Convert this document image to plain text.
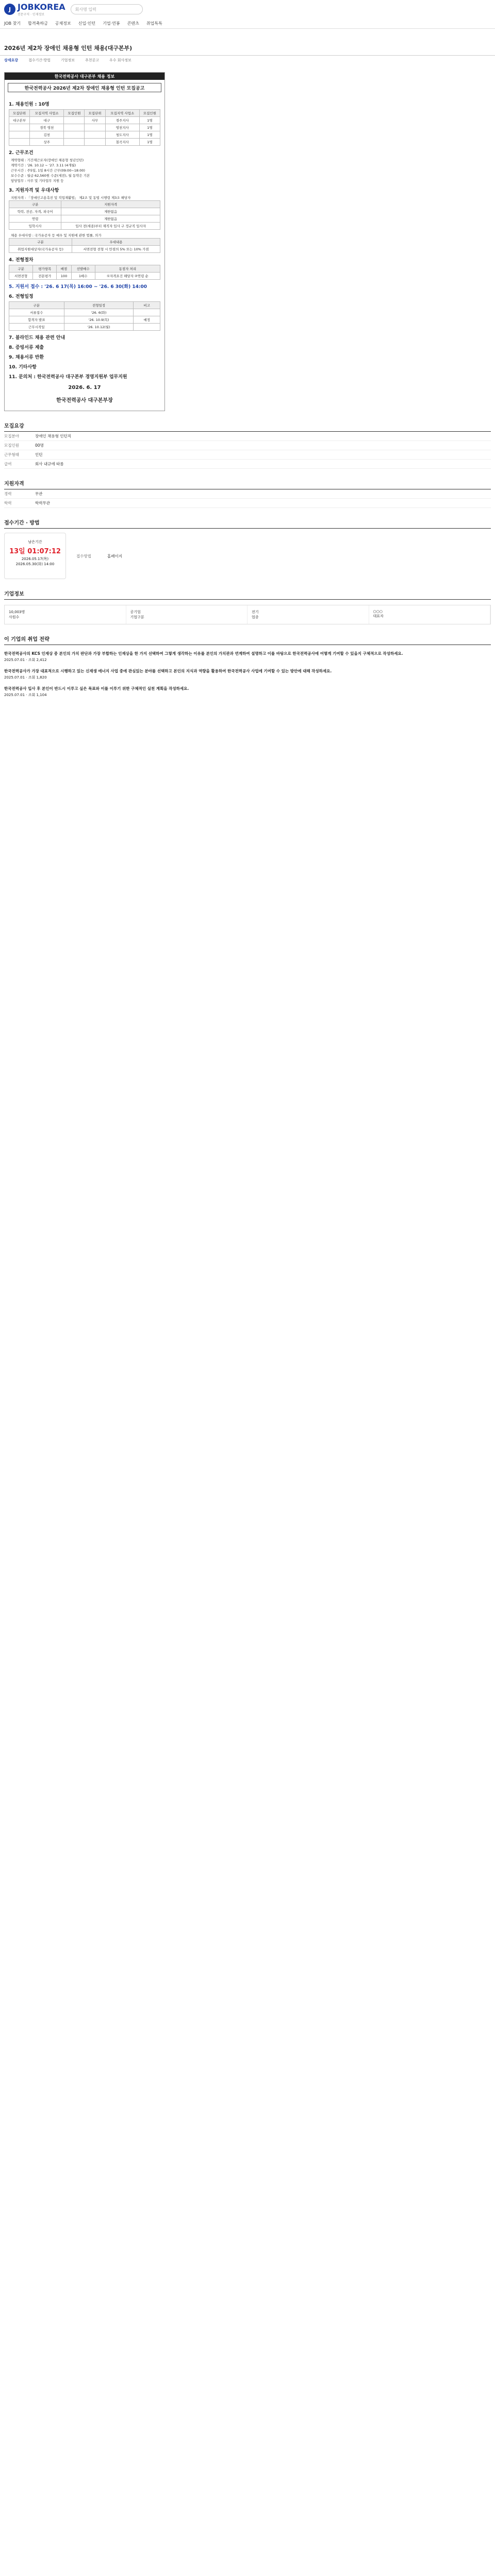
J JOBKOREA
전문구직 · 인재정보
회사명 입력
JOB 찾기 합격축하금 공채정보 신입·인턴 기업·연봉 콘텐츠 취업특특
2026년 제2차 장애인 채용형 인턴 채용(대구본부)
상세요강	접수기간·방법	기업정보	추천공고	우수 회사정보
한국전력공사 대구본부 채용 정보
한국전력공사 2026년 제2차 장애인 채용형 인턴 모집공고
1. 채용인원 : 10명
모집단위	모집지역 사업소	모집인원	모집단위	모집지역 사업소	모집인원
대구본부	대구		사무	경주지사	1명
	경북 영천			영천지사	1명
	김천			청도지사	1명
	상주			칠곡지사	1명
2. 근무조건
계약형태 : 기간제근로자(장애인 채용형 청년인턴)
계약기간 : '26. 10.12 ~ '27. 3.11 (4개월)
근무시간 : 주5일, 1일 8시간 근무(09:00~18:00)
보수수준 : 월급 62,560원 수준(세전), 월 동약은 기본
담당업무 : 사무 및 기타업무 지원 등
3. 지원자격 및 우대사항
지원자격 : 「장애인고용촉진 및 직업재활법」 제2조 및 동법 시행령 제3조 해당자
구분	지원자격
학력, 전공, 자격, 외국어	제한없음
연령	제한없음
입학시사	입사 전(세종)부터 재직자 입사 구 정규직 입사자
채용 우대사항 : 국가유공자 등 예우 및 지원에 관한 법률, 의가
구분	우대내용
취업지원대상자(국가유공자 등)	서면전형 전형 시 만점의 5% 또는 10% 가점
4. 전형절차
구분	평가항목	배점	선발배수	동점자 처리
서면전형	전문평가	100	1배수	①자격요건 해당자 ②연령 순
5. 지원서 접수 : '26. 6 17(목) 16:00 ~ '26. 6 30(화) 14:00
6. 전형일정
구분	전형일정	비고
서류접수	'26. 6(화)	
합격자 발표	'26. 10.9(목)	예정
근무시작일	'26. 10.12(월)	
7. 블라인드 채용 관련 안내
8. 증빙서류 제출
9. 채용서류 반환
10. 기타사항
11. 문의처 : 한국전력공사 대구본부 경영지원부 업무지원
2026. 6. 17
한국전력공사 대구본부장
모집요강
모집분야	장애인 채용형 인턴직
모집인원	00명
근무형태	인턴
급여	회사 내규에 따름
지원자격
경력	무관
학력	학력무관
접수기간 · 방법
남은기간
13일 01:07:12
2026.05.17(목)
2026.05.30(화) 14:00
접수방법	홈페이지
기업정보
10,003명
사원수
공기업
기업구분
전기
업종
○○○
대표자
이 기업의 취업 전략
한국전력공사의 KCS 인재상 중 본인의 가치 판단과 가장 부합하는 인재상을 한 가지 선택하여 그렇게 생각하는 이유를 본인의 가치관과 연계하여 설명하고 이를 바탕으로 한국전력공사에 어떻게 기여할 수 있을지 구체적으로 작성하세요.
2025.07.01 · 조회 2,412
한국전력공사가 가장 대표적으로 시행하고 있는 신재생 에너지 사업 중에 관심있는 분야를 선택하고 본인의 지식과 역량을 활용하여 한국전력공사 사업에 기여할 수 있는 방안에 대해 작성하세요.
2025.07.01 · 조회 1,820
한국전력공사 입사 후 본인이 반드시 이루고 싶은 목표와 이를 이루기 위한 구체적인 실천 계획을 작성하세요.
2025.07.01 · 조회 1,104
